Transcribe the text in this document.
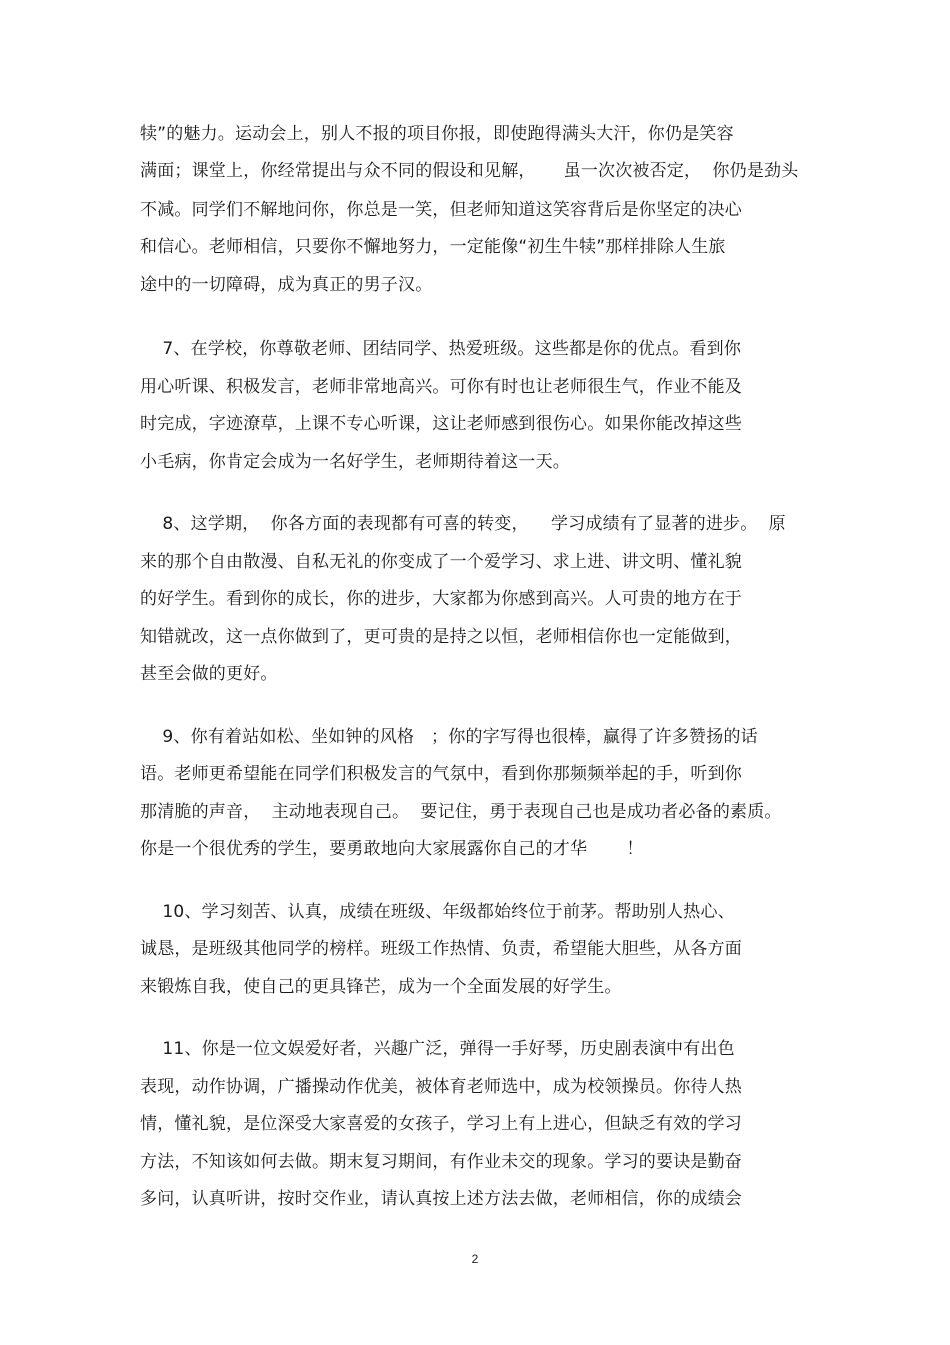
犊”的魅力。运动会上，别人不报的项目你报，即使跑得满头大汗，你仍是笑容
满面；课堂上，你经常提出与众不同的假设和见解，     虽一次次被否定，  你仍是劲头
不减。同学们不解地问你，你总是一笑，但老师知道这笑容背后是你坚定的决心
和信心。老师相信，只要你不懈地努力，一定能像“初生牛犊”那样排除人生旅
途中的一切障碍，成为真正的男子汉。
7、在学校，你尊敬老师、团结同学、热爱班级。这些都是你的优点。看到你
用心听课、积极发言，老师非常地高兴。可你有时也让老师很生气，作业不能及
时完成，字迹潦草，上课不专心听课，这让老师感到很伤心。如果你能改掉这些
小毛病，你肯定会成为一名好学生，老师期待着这一天。
8、这学期，  你各方面的表现都有可喜的转变，    学习成绩有了显著的进步。  原
来的那个自由散漫、自私无礼的你变成了一个爱学习、求上进、讲文明、懂礼貌
的好学生。看到你的成长，你的进步，大家都为你感到高兴。人可贵的地方在于
知错就改，这一点你做到了，更可贵的是持之以恒，老师相信你也一定能做到，
甚至会做的更好。
9、你有着站如松、坐如钟的风格   ；你的字写得也很棒，赢得了许多赞扬的话
语。老师更希望能在同学们积极发言的气氛中，看到你那频频举起的手，听到你
那清脆的声音，  主动地表现自己。  要记住，勇于表现自己也是成功者必备的素质。
你是一个很优秀的学生，要勇敢地向大家展露你自己的才华       ！
10、学习刻苦、认真，成绩在班级、年级都始终位于前茅。帮助别人热心、
诚恳，是班级其他同学的榜样。班级工作热情、负责，希望能大胆些，从各方面
来锻炼自我，使自己的更具锋芒，成为一个全面发展的好学生。
11、你是一位文娱爱好者，兴趣广泛，弹得一手好琴，历史剧表演中有出色
表现，动作协调，广播操动作优美，被体育老师选中，成为校领操员。你待人热
情，懂礼貌，是位深受大家喜爱的女孩子，学习上有上进心，但缺乏有效的学习
方法，不知该如何去做。期末复习期间，有作业未交的现象。学习的要诀是勤奋
多问，认真听讲，按时交作业，请认真按上述方法去做，老师相信，你的成绩会
2
